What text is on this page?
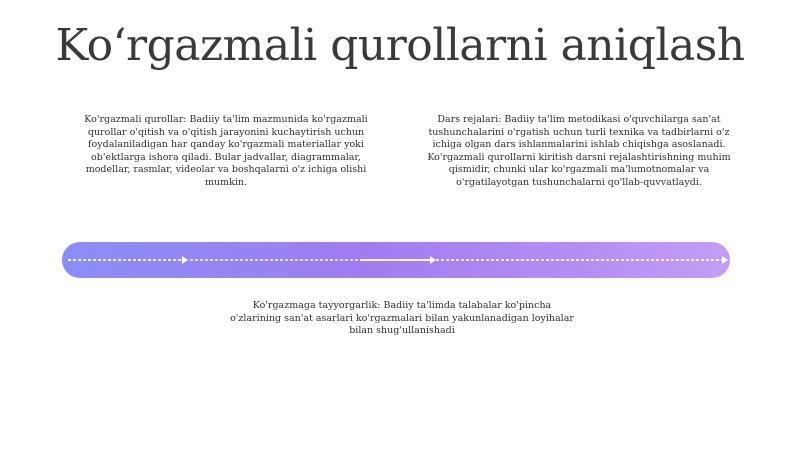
Ko‘rgazmali qurollarni aniqlash

Ko'rgazmali qurollar: Badiiy ta'lim mazmunida ko'rgazmali qurollar o'qitish va o'qitish jarayonini kuchaytirish uchun foydalaniladigan har qanday ko'rgazmali materiallar yoki ob'ektlarga ishora qiladi. Bular jadvallar, diagrammalar, modellar, rasmlar, videolar va boshqalarni o'z ichiga olishi mumkin.

Dars rejalari: Badiiy ta'lim metodikasi o'quvchilarga san'at tushunchalarini o'rgatish uchun turli texnika va tadbirlarni o'z ichiga olgan dars ishlanmalarini ishlab chiqishga asoslanadi. Ko'rgazmali qurollarni kiritish darsni rejalashtirishning muhim qismidir, chunki ular ko'rgazmali ma'lumotnomalar va o'rgatilayotgan tushunchalarni qo'llab-quvvatlaydi.

Ko'rgazmaga tayyorgarlik: Badiiy ta'limda talabalar ko'pincha o'zlarining san'at asarlari ko'rgazmalari bilan yakunlanadigan loyihalar bilan shug'ullanishadi
